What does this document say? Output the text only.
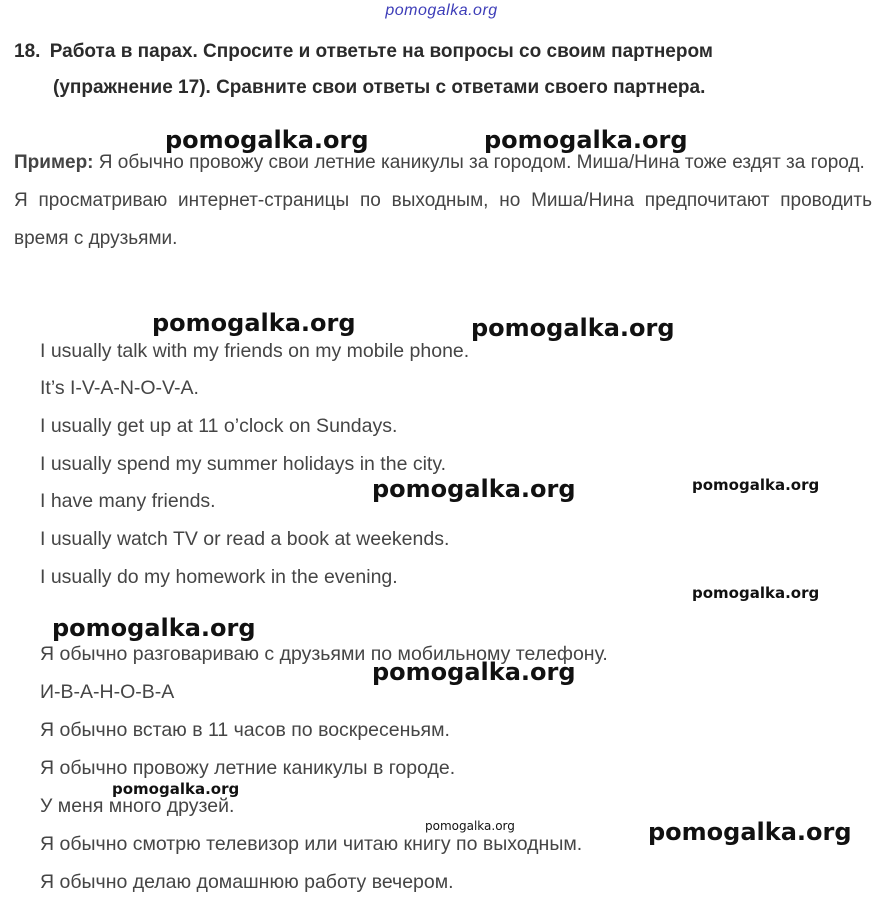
pomogalka.org
18. Работа в парах. Спросите и ответьте на вопросы со своим партнером
(упражнение 17). Сравните свои ответы с ответами своего партнера.

Пример: Я обычно провожу свои летние каникулы за городом. Миша/Нина тоже ездят за город.

Я просматриваю интернет-страницы по выходным, но Миша/Нина предпочитают проводить время с друзьями.

I usually talk with my friends on my mobile phone.
It’s I-V-A-N-O-V-A.
I usually get up at 11 o’clock on Sundays.
I usually spend my summer holidays in the city.
I have many friends.
I usually watch TV or read a book at weekends.
I usually do my homework in the evening.
Я обычно разговариваю с друзьями по мобильному телефону.
И-В-А-Н-О-В-А
Я обычно встаю в 11 часов по воскресеньям.
Я обычно провожу летние каникулы в городе.
У меня много друзей.
Я обычно смотрю телевизор или читаю книгу по выходным.
Я обычно делаю домашнюю работу вечером.
pomogalka.org	pomogalka.org
pomogalka.org	pomogalka.org
pomogalka.org	pomogalka.org
pomogalka.org
pomogalka.org
pomogalka.org
pomogalka.org
pomogalka.org	pomogalka.org
